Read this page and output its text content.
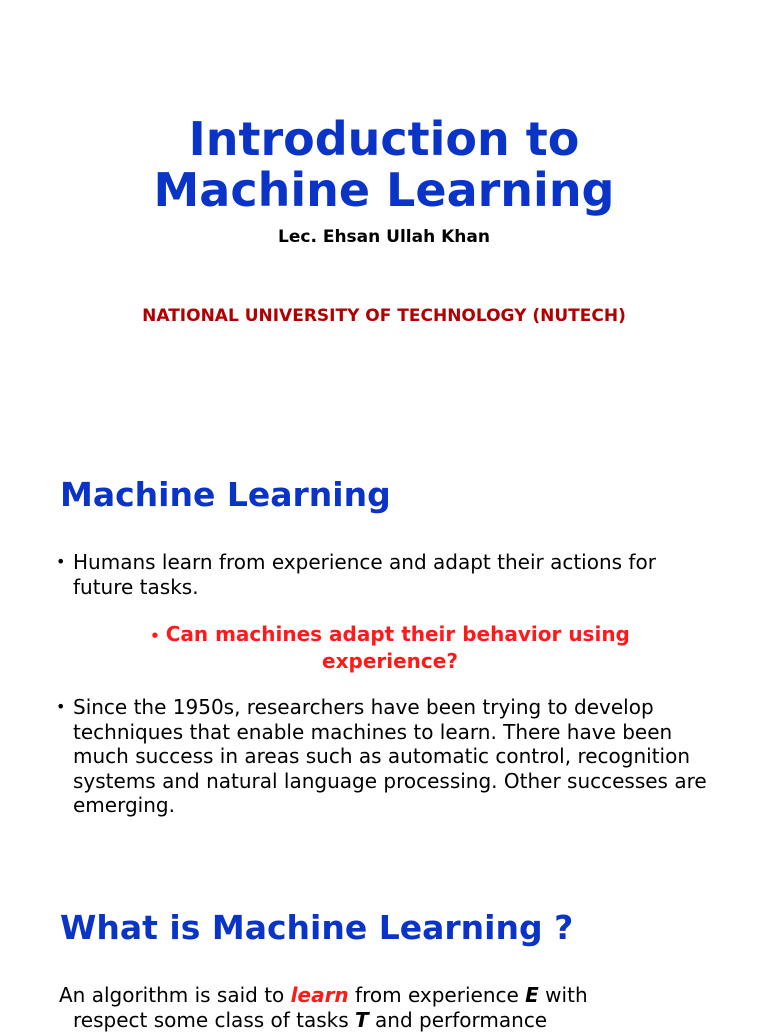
Introduction to
Machine Learning
Lec. Ehsan Ullah Khan
NATIONAL UNIVERSITY OF TECHNOLOGY (NUTECH)
Machine Learning
• Humans learn from experience and adapt their actions for future tasks.
• Can machines adapt their behavior using
experience?
• Since the 1950s, researchers have been trying to develop techniques that enable machines to learn. There have been much success in areas such as automatic control, recognition systems and natural language processing. Other successes are emerging.
What is Machine Learning ?
An algorithm is said to learn from experience E with
respect some class of tasks T and performance
